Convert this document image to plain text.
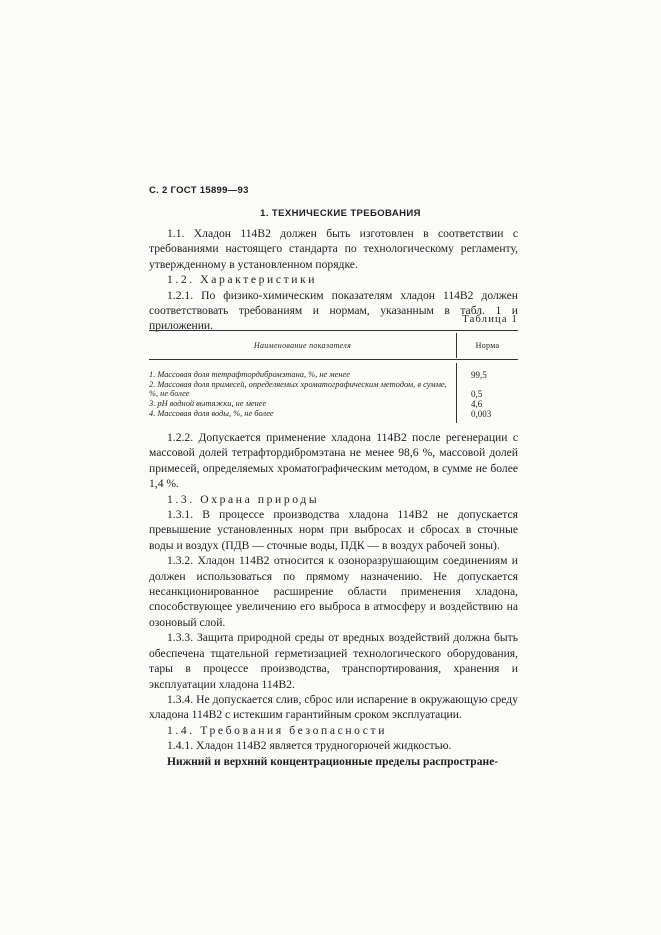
С. 2 ГОСТ 15899—93
1. ТЕХНИЧЕСКИЕ ТРЕБОВАНИЯ

1.1. Хладон 114В2 должен быть изготовлен в соответствии с требованиями настоящего стандарта по технологическому регламенту, утвержденному в установленном порядке.

1.2. Характеристики

1.2.1. По физико-химическим показателям хладон 114В2 должен соответствовать требованиям и нормам, указанным в табл. 1 и приложении.	Таблица 1
Наименование показателя	Норма
1. Массовая доля тетрафтордибромэтана, %, не менее	99,5
2. Массовая доля примесей, определяемых хроматографическим методом, в сумме, %, не более	0,5
3. pH водной вытяжки, не менее	4,6
4. Массовая доля воды, %, не более	0,003

1.2.2. Допускается применение хладона 114В2 после регенерации с массовой долей тетрафтордибромэтана не менее 98,6 %, массовой долей примесей, определяемых хроматографическим методом, в сумме не более 1,4 %.

1.3. Охрана природы

1.3.1. В процессе производства хладона 114В2 не допускается превышение установленных норм при выбросах и сбросах в сточные воды и воздух (ПДВ — сточные воды, ПДК — в воздух рабочей зоны).

1.3.2. Хладон 114В2 относится к озоноразрушающим соединениям и должен использоваться по прямому назначению. Не допускается несанкционированное расширение области применения хладона, способствующее увеличению его выброса в атмосферу и воздействию на озоновый слой.

1.3.3. Защита природной среды от вредных воздействий должна быть обеспечена тщательной герметизацией технологического оборудования, тары в процессе производства, транспортирования, хранения и эксплуатации хладона 114В2.

1.3.4. Не допускается слив, сброс или испарение в окружающую среду хладона 114В2 с истекшим гарантийным сроком эксплуатации.

1.4. Требования безопасности

1.4.1. Хладон 114В2 является трудногорючей жидкостью.

Нижний и верхний концентрационные пределы распростране-
